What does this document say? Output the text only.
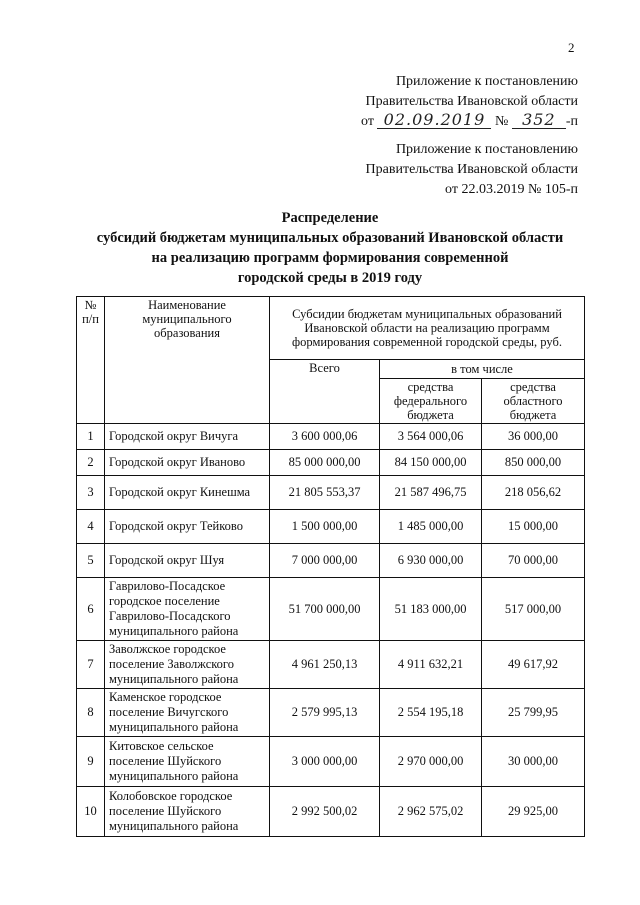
2
Приложение к постановлению
Правительства Ивановской области
от 02.09.2019 № 352 -п
Приложение к постановлению
Правительства Ивановской области
от 22.03.2019 № 105-п
Распределение
субсидий бюджетам муниципальных образований Ивановской области
на реализацию программ формирования современной
городской среды в 2019 году
№ п/п	Наименование муниципального образования	Субсидии бюджетам муниципальных образований Ивановской области на реализацию программ формирования современной городской среды, руб.		
		Всего	в том числе	
			средства федерального бюджета	средства областного бюджета
1	Городской округ Вичуга	3 600 000,06	3 564 000,06	36 000,00
2	Городской округ Иваново	85 000 000,00	84 150 000,00	850 000,00
3	Городской округ Кинешма	21 805 553,37	21 587 496,75	218 056,62
4	Городской округ Тейково	1 500 000,00	1 485 000,00	15 000,00
5	Городской округ Шуя	7 000 000,00	6 930 000,00	70 000,00
6	Гаврилово-Посадское городское поселение Гаврилово-Посадского муниципального района	51 700 000,00	51 183 000,00	517 000,00
7	Заволжское городское поселение Заволжского муниципального района	4 961 250,13	4 911 632,21	49 617,92
8	Каменское городское поселение Вичугского муниципального района	2 579 995,13	2 554 195,18	25 799,95
9	Китовское сельское поселение Шуйского муниципального района	3 000 000,00	2 970 000,00	30 000,00
10	Колобовское городское поселение Шуйского муниципального района	2 992 500,02	2 962 575,02	29 925,00
